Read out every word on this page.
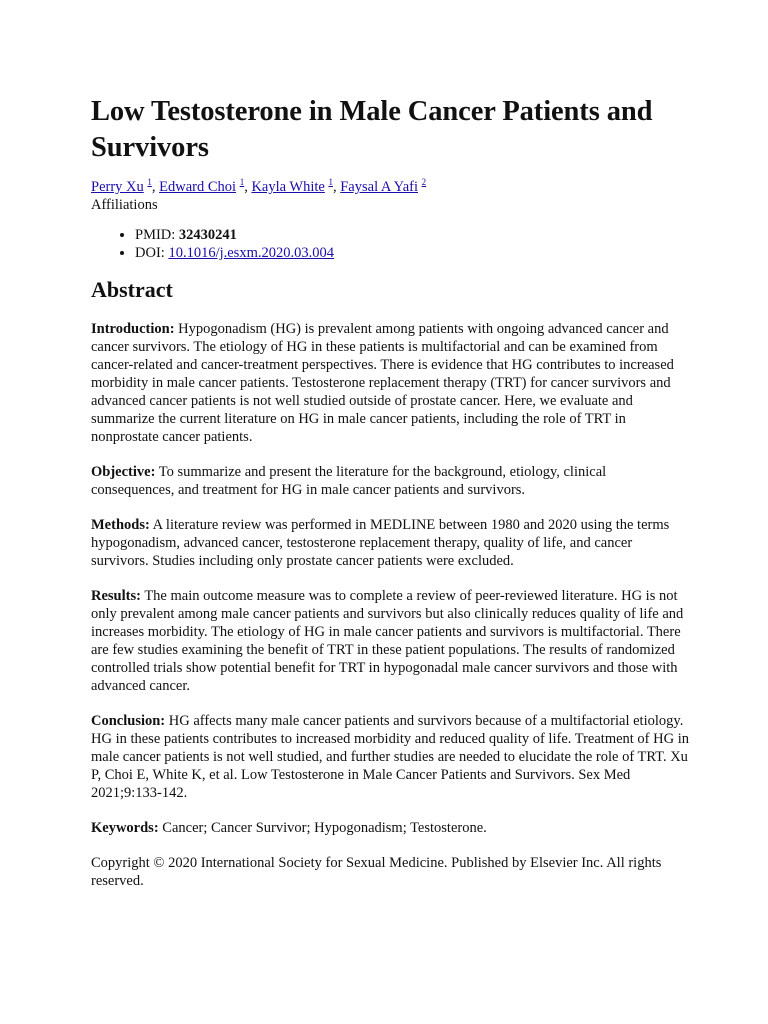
Low Testosterone in Male Cancer Patients and Survivors
Perry Xu $^1$, Edward Choi $^1$, Kayla White $^1$, Faysal A Yafi $^2$
Affiliations
• PMID: 32430241
• DOI: 10.1016/j.esxm.2020.03.004
Abstract

Introduction: Hypogonadism (HG) is prevalent among patients with ongoing advanced cancer and cancer survivors. The etiology of HG in these patients is multifactorial and can be examined from cancer-related and cancer-treatment perspectives. There is evidence that HG contributes to increased morbidity in male cancer patients. Testosterone replacement therapy (TRT) for cancer survivors and advanced cancer patients is not well studied outside of prostate cancer. Here, we evaluate and summarize the current literature on HG in male cancer patients, including the role of TRT in nonprostate cancer patients.

Objective: To summarize and present the literature for the background, etiology, clinical consequences, and treatment for HG in male cancer patients and survivors.

Methods: A literature review was performed in MEDLINE between 1980 and 2020 using the terms hypogonadism, advanced cancer, testosterone replacement therapy, quality of life, and cancer survivors. Studies including only prostate cancer patients were excluded.

Results: The main outcome measure was to complete a review of peer-reviewed literature. HG is not only prevalent among male cancer patients and survivors but also clinically reduces quality of life and increases morbidity. The etiology of HG in male cancer patients and survivors is multifactorial. There are few studies examining the benefit of TRT in these patient populations. The results of randomized controlled trials show potential benefit for TRT in hypogonadal male cancer survivors and those with advanced cancer.

Conclusion: HG affects many male cancer patients and survivors because of a multifactorial etiology. HG in these patients contributes to increased morbidity and reduced quality of life. Treatment of HG in male cancer patients is not well studied, and further studies are needed to elucidate the role of TRT. Xu P, Choi E, White K, et al. Low Testosterone in Male Cancer Patients and Survivors. Sex Med 2021;9:133-142.

Keywords: Cancer; Cancer Survivor; Hypogonadism; Testosterone.

Copyright © 2020 International Society for Sexual Medicine. Published by Elsevier Inc. All rights reserved.
